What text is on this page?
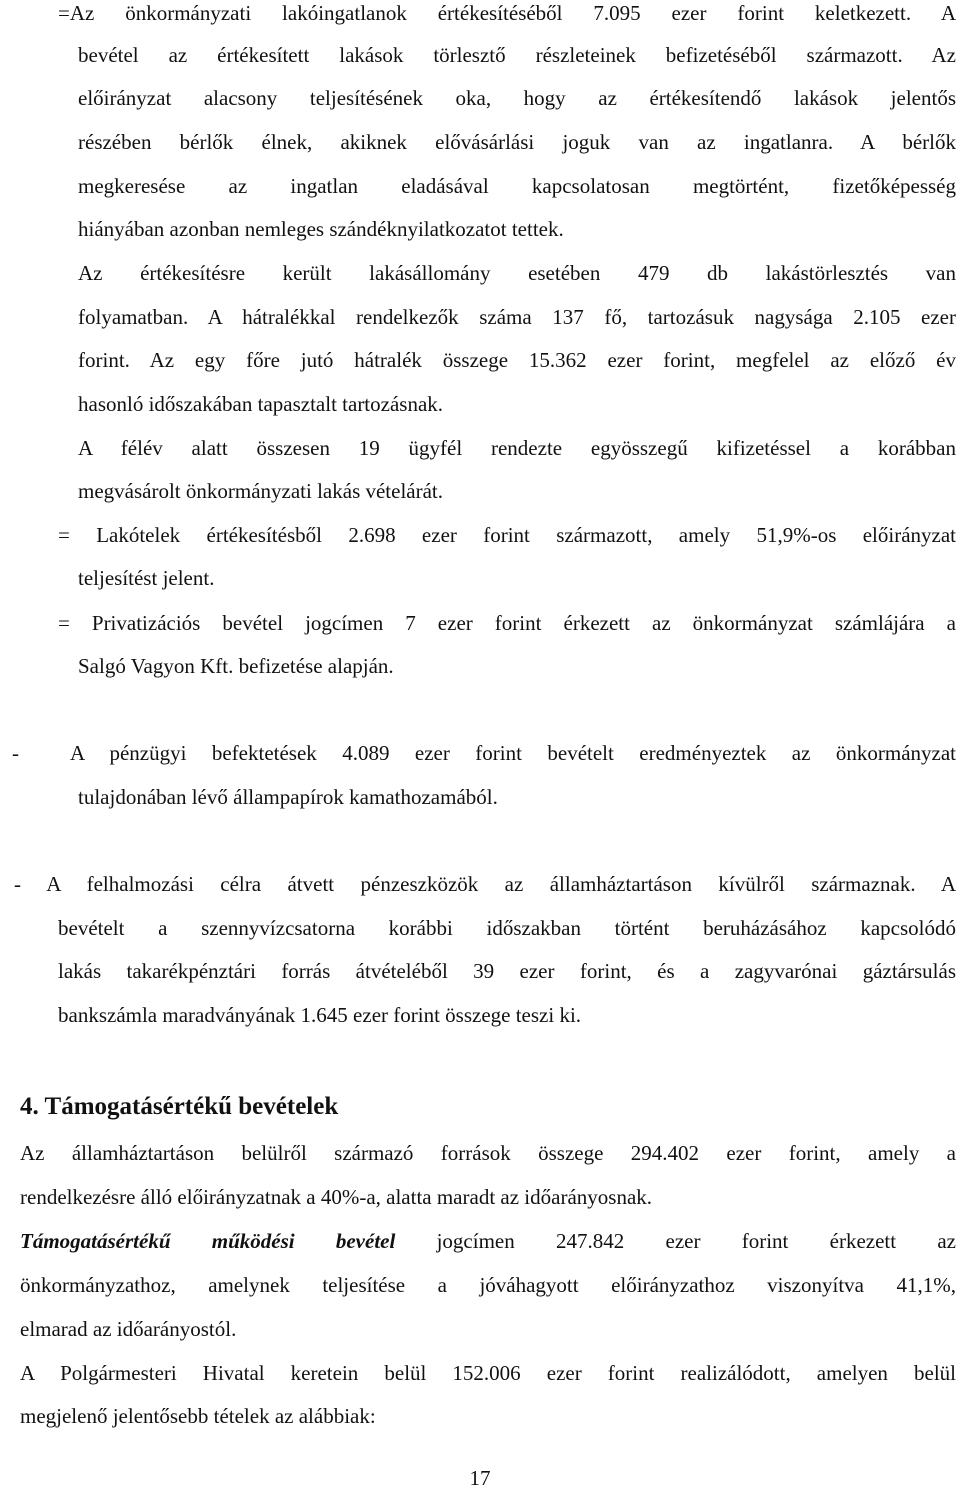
=Az önkormányzati lakóingatlanok értékesítéséből 7.095 ezer forint keletkezett. A
bevétel az értékesített lakások törlesztő részleteinek befizetéséből származott. Az
előirányzat alacsony teljesítésének oka, hogy az értékesítendő lakások jelentős
részében bérlők élnek, akiknek elővásárlási joguk van az ingatlanra. A bérlők
megkeresése az ingatlan eladásával kapcsolatosan megtörtént, fizetőképesség
hiányában azonban nemleges szándéknyilatkozatot tettek.
Az értékesítésre került lakásállomány esetében 479 db lakástörlesztés van
folyamatban. A hátralékkal rendelkezők száma 137 fő, tartozásuk nagysága 2.105 ezer
forint. Az egy főre jutó hátralék összege 15.362 ezer forint, megfelel az előző év
hasonló időszakában tapasztalt tartozásnak.
A félév alatt összesen 19 ügyfél rendezte egyösszegű kifizetéssel a korábban
megvásárolt önkormányzati lakás vételárát.
= Lakótelek értékesítésből 2.698 ezer forint származott, amely 51,9%-os előirányzat
teljesítést jelent.
= Privatizációs bevétel jogcímen 7 ezer forint érkezett az önkormányzat számlájára a
Salgó Vagyon Kft. befizetése alapján.
- A pénzügyi befektetések 4.089 ezer forint bevételt eredményeztek az önkormányzat
tulajdonában lévő állampapírok kamathozamából.
- A felhalmozási célra átvett pénzeszközök az államháztartáson kívülről származnak. A
bevételt a szennyvízcsatorna korábbi időszakban történt beruházásához kapcsolódó
lakás takarékpénztári forrás átvételéből 39 ezer forint, és a zagyvarónai gáztársulás
bankszámla maradványának 1.645 ezer forint összege teszi ki.
4. Támogatásértékű bevételek
Az államháztartáson belülről származó források összege 294.402 ezer forint, amely a
rendelkezésre álló előirányzatnak a 40%-a, alatta maradt az időarányosnak.
Támogatásértékű működési bevétel jogcímen 247.842 ezer forint érkezett az
önkormányzathoz, amelynek teljesítése a jóváhagyott előirányzathoz viszonyítva 41,1%,
elmarad az időarányostól.
A Polgármesteri Hivatal keretein belül 152.006 ezer forint realizálódott, amelyen belül
megjelenő jelentősebb tételek az alábbiak:
17
